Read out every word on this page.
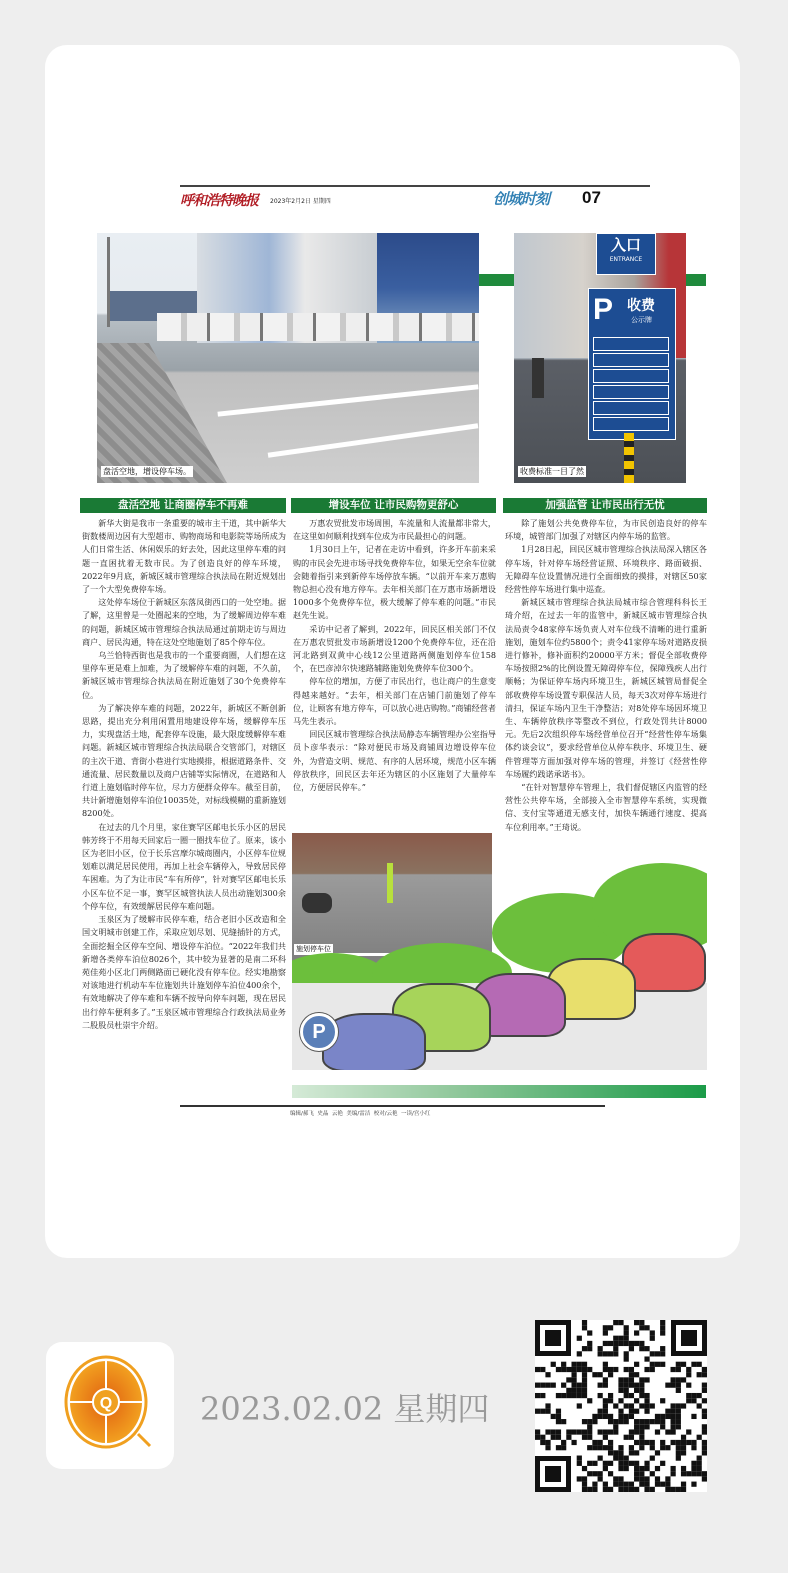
呼和浩特晚报 2023年2月2日 星期四	创城时刻 07
盘活空地，增设停车场。
入口
ENTRANCE
P 收费
公示牌
收费标准一目了然
盘活空地 让商圈停车不再难	增设车位 让市民购物更舒心	加强监管 让市民出行无忧

新华大街是我市一条重要的城市主干道，其中新华大街数楼周边因有大型超市、购物商场和电影院等场所成为人们日常生活、休闲娱乐的好去处，因此这里停车难的问题一直困扰着无数市民。为了创造良好的停车环境，2022年9月底，新城区城市管理综合执法局在附近规划出了一个大型免费停车场。

这处停车场位于新城区东落凤街西口的一处空地。据了解，这里曾是一处圈起来的空地，为了缓解周边停车难的问题，新城区城市管理综合执法局通过前期走访与周边商户、居民沟通，特在这处空地施划了85个停车位。

乌兰恰特西街也是我市的一个重要商圈，人们想在这里停车更是难上加难，为了缓解停车难的问题，不久前，新城区城市管理综合执法局在附近施划了30个免费停车位。

为了解决停车难的问题，2022年，新城区不断创新思路，提出充分利用闲置用地建设停车场，缓解停车压力，实现盘活土地，配套停车设施，最大限度缓解停车难问题。新城区城市管理综合执法局联合交管部门，对辖区的主次干道、背街小巷进行实地摸排，根据道路条件、交通流量、居民数量以及商户店铺等实际情况，在道路和人行道上施划临时停车位，尽力方便群众停车。截至目前，共计新增施划停车泊位10035处，对标线模糊的重新施划8200处。

在过去的几个月里，家住赛罕区邮电长乐小区的居民韩芳终于不用每天回家后一圈一圈找车位了。原来，该小区为老旧小区，位于长乐宫摩尔城商圈内，小区停车位规划难以满足居民使用，再加上社会车辆停入，导致居民停车困难。为了为让市民“车有所停”，针对赛罕区邮电长乐小区车位不足一事，赛罕区城管执法人员出动施划300余个停车位，有效缓解居民停车难问题。

玉泉区为了缓解市民停车难，结合老旧小区改造和全国文明城市创建工作，采取应划尽划、见缝插针的方式，全面挖掘全区停车空间、增设停车泊位。“2022年我们共新增各类停车泊位8026个，其中较为显著的是南二环科苑佳苑小区北门两侧路面已硬化没有停车位。经实地勘察对该地进行机动车车位施划共计施划停车泊位400余个，有效地解决了停车难和车辆不按导向停车问题，现在居民出行停车便利多了。”玉泉区城市管理综合行政执法局业务二股股员杜崇宇介绍。

万惠农贸批发市场周围，车流量和人流量都非常大，在这里如何顺利找到车位成为市民最担心的问题。

1月30日上午，记者在走访中看到，许多开车前来采购的市民会先进市场寻找免费停车位，如果无空余车位就会随着指引来到新停车场停放车辆。“以前开车来万惠购物总担心没有地方停车。去年相关部门在万惠市场新增设1000多个免费停车位，极大缓解了停车难的问题。”市民赵先生说。

采访中记者了解到，2022年，回民区相关部门不仅在万惠农贸批发市场新增设1200个免费停车位，还在沿河北路到双黄中心线12公里道路两侧施划停车位158个，在巴彦淖尔快速路辅路施划免费停车位300个。

停车位的增加，方便了市民出行，也让商户的生意变得越来越好。“去年，相关部门在店铺门前施划了停车位，让顾客有地方停车，可以放心进店购物。”商铺经营者马先生表示。

回民区城市管理综合执法局静态车辆管理办公室指导员卜彦华表示：“除对便民市场及商铺周边增设停车位外，为营造文明、规范、有序的人居环境，规范小区车辆停放秩序，回民区去年还为辖区的小区施划了大量停车位，方便居民停车。”

除了施划公共免费停车位，为市民创造良好的停车环境，城管部门加强了对辖区内停车场的监管。

1月28日起，回民区城市管理综合执法局深入辖区各停车场，针对停车场经营证照、环境秩序、路面破损、无障碍车位设置情况进行全面细致的摸排，对辖区50家经营性停车场进行集中巡查。

新城区城市管理综合执法局城市综合管理科科长王琦介绍，在过去一年的监管中，新城区城市管理综合执法局责令48家停车场负责人对车位线不清晰的进行重新施划，施划车位约5800个；责令41家停车场对道路皮损进行修补，修补面积约20000平方米；督促全部收费停车场按照2%的比例设置无障碍停车位，保障残疾人出行顺畅；为保证停车场内环境卫生，新城区城管局督促全部收费停车场设置专职保洁人员，每天3次对停车场进行清扫，保证车场内卫生干净整洁；对8处停车场因环境卫生、车辆停放秩序等整改不到位，行政处罚共计8000元。先后2次组织停车场经营单位召开“经营性停车场集体约谈会议”，要求经营单位从停车秩序、环境卫生、硬件管理等方面加强对停车场的管理，并签订《经营性停车场履约践诺承诺书》。

“在针对智慧停车管理上，我们督促辖区内监管的经营性公共停车场，全部接入全市智慧停车系统，实现微信、支付宝等通道无感支付，加快车辆通行速度、提高车位利用率。”王琦说。

施划停车位
P
编辑/郝飞  史晶  云艳  美编/雷洁  校对/云艳  一读/宫小红
Q	2023.02.02 星期四
